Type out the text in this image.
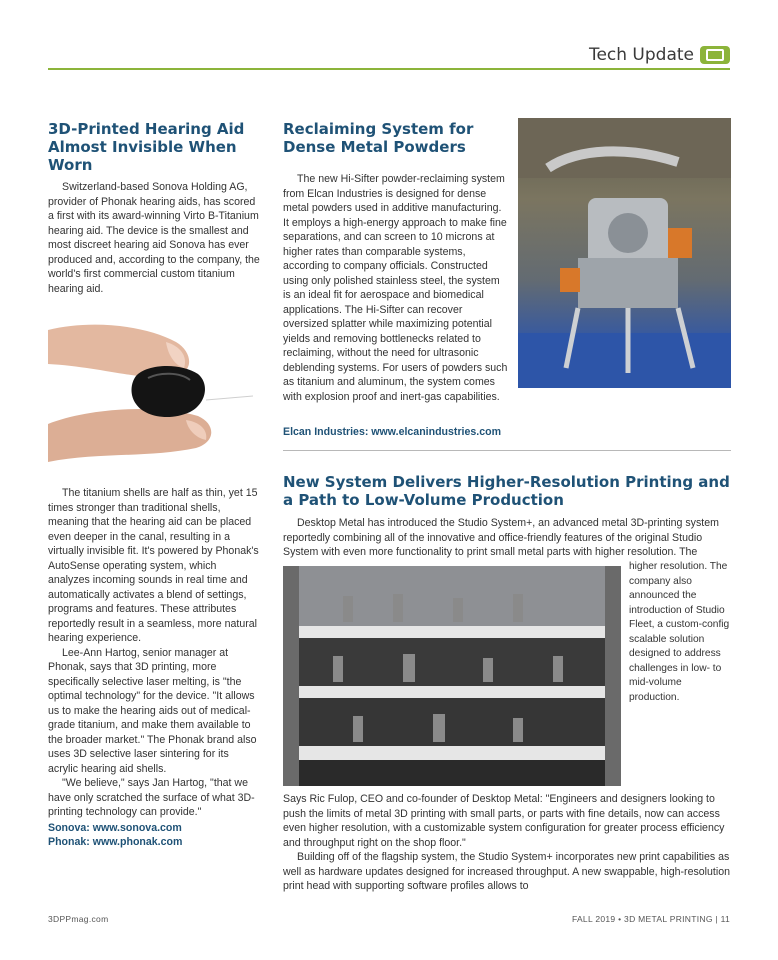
Tech Update
3D-Printed Hearing Aid Almost Invisible When Worn

Switzerland-based Sonova Holding AG, provider of Phonak hearing aids, has scored a first with its award-winning Virto B-Titanium hearing aid. The device is the smallest and most discreet hearing aid Sonova has ever produced and, according to the company, the world's first commercial custom titanium hearing aid.

The titanium shells are half as thin, yet 15 times stronger than traditional shells, meaning that the hearing aid can be placed even deeper in the canal, resulting in a virtually invisible fit. It's powered by Phonak's AutoSense operating system, which analyzes incoming sounds in real time and automatically activates a blend of settings, programs and features. These attributes reportedly result in a seamless, more natural hearing experience.

Lee-Ann Hartog, senior manager at Phonak, says that 3D printing, more specifically selective laser melting, is "the optimal technology" for the device. "It allows us to make the hearing aids out of medical-grade titanium, and make them available to the broader market." The Phonak brand also uses 3D selective laser sintering for its acrylic hearing aid shells.

"We believe," says Jan Hartog, "that we have only scratched the surface of what 3D-printing technology can provide."

Sonova: www.sonova.com
Phonak: www.phonak.com
Reclaiming System for Dense Metal Powders

The new Hi-Sifter powder-reclaiming system from Elcan Industries is designed for dense metal powders used in additive manufacturing. It employs a high-energy approach to make fine separations, and can screen to 10 microns at higher rates than comparable systems, according to company officials. Constructed using only polished stainless steel, the system is an ideal fit for aerospace and biomedical applications. The Hi-Sifter can recover oversized splatter while maximizing potential yields and removing bottlenecks related to reclaiming, without the need for ultrasonic deblending systems. For users of powders such as titanium and aluminum, the system comes with explosion proof and inert-gas capabilities.

Elcan Industries: www.elcanindustries.com
New System Delivers Higher-Resolution Printing and a Path to Low-Volume Production

Desktop Metal has introduced the Studio System+, an advanced metal 3D-printing system reportedly combining all of the innovative and office-friendly features of the original Studio System with even more functionality to print small metal parts with higher resolution. The

higher resolution. The company also announced the introduction of Studio Fleet, a custom-config scalable solution designed to address challenges in low- to mid-volume production.

Says Ric Fulop, CEO and co-founder of Desktop Metal: "Engineers and designers looking to push the limits of metal 3D printing with small parts, or parts with fine details, now can access even higher resolution, with a customizable system configuration for greater process efficiency and throughput right on the shop floor."

Building off of the flagship system, the Studio System+ incorporates new print capabilities as well as hardware updates designed for increased throughput. A new swappable, high-resolution print head with supporting software profiles allows to

3DPPmag.com	FALL 2019 • 3D METAL PRINTING | 11
